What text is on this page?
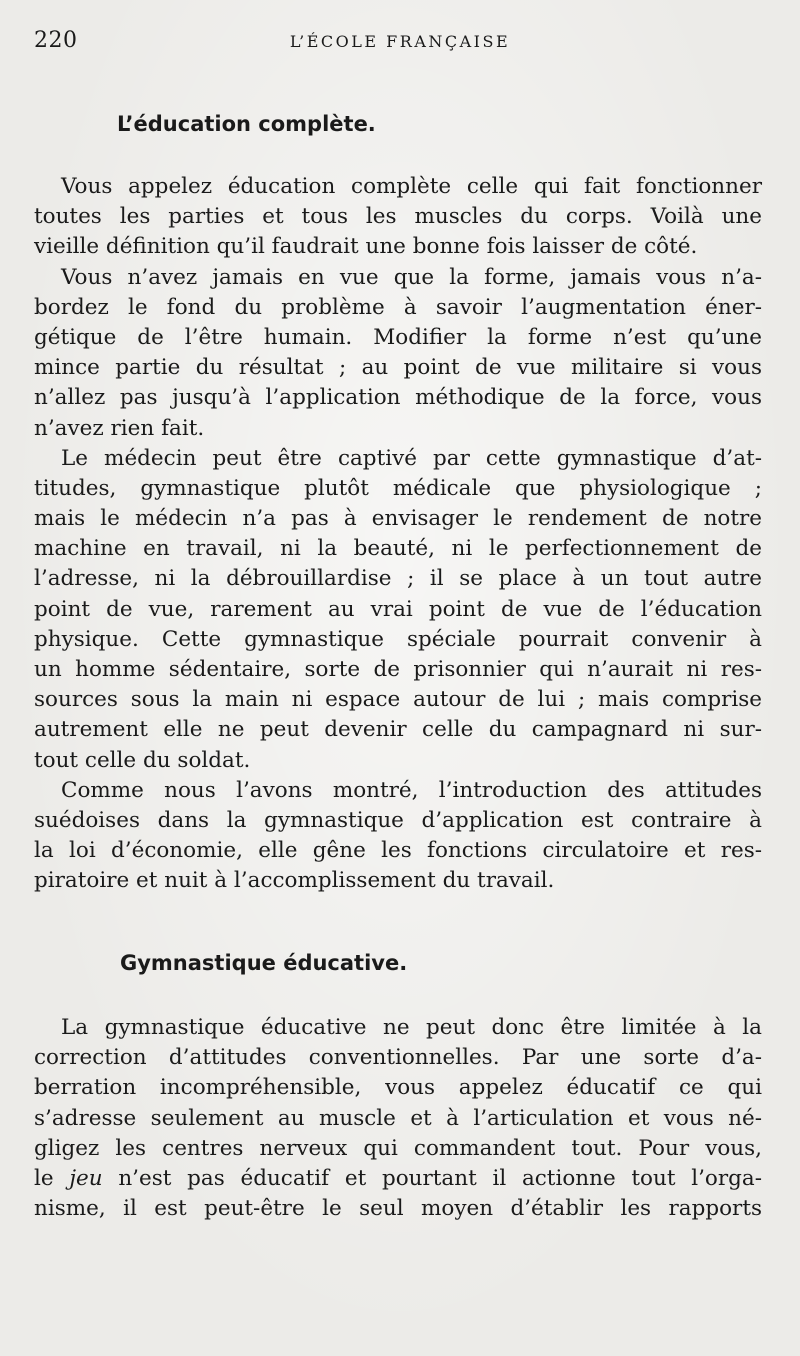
220	L’ÉCOLE FRANÇAISE
L’éducation complète.
Vous appelez éducation complète celle qui fait fonctionner
toutes les parties et tous les muscles du corps. Voilà une
vieille définition qu’il faudrait une bonne fois laisser de côté.
Vous n’avez jamais en vue que la forme, jamais vous n’a-
bordez le fond du problème à savoir l’augmentation éner-
gétique de l’être humain. Modifier la forme n’est qu’une
mince partie du résultat ; au point de vue militaire si vous
n’allez pas jusqu’à l’application méthodique de la force, vous
n’avez rien fait.
Le médecin peut être captivé par cette gymnastique d’at-
titudes, gymnastique plutôt médicale que physiologique ;
mais le médecin n’a pas à envisager le rendement de notre
machine en travail, ni la beauté, ni le perfectionnement de
l’adresse, ni la débrouillardise ; il se place à un tout autre
point de vue, rarement au vrai point de vue de l’éducation
physique. Cette gymnastique spéciale pourrait convenir à
un homme sédentaire, sorte de prisonnier qui n’aurait ni res-
sources sous la main ni espace autour de lui ; mais comprise
autrement elle ne peut devenir celle du campagnard ni sur-
tout celle du soldat.
Comme nous l’avons montré, l’introduction des attitudes
suédoises dans la gymnastique d’application est contraire à
la loi d’économie, elle gêne les fonctions circulatoire et res-
piratoire et nuit à l’accomplissement du travail.
Gymnastique éducative.
La gymnastique éducative ne peut donc être limitée à la
correction d’attitudes conventionnelles. Par une sorte d’a-
berration incompréhensible, vous appelez éducatif ce qui
s’adresse seulement au muscle et à l’articulation et vous né-
gligez les centres nerveux qui commandent tout. Pour vous,
le jeu n’est pas éducatif et pourtant il actionne tout l’orga-
nisme, il est peut-être le seul moyen d’établir les rapports
